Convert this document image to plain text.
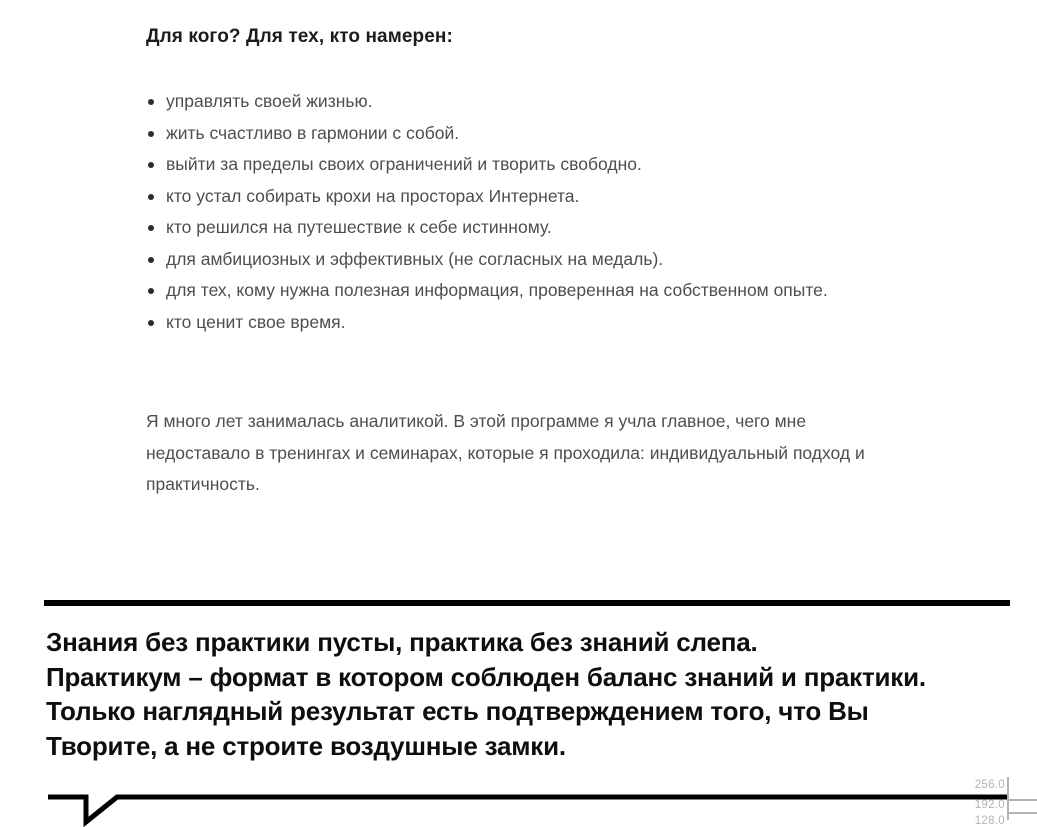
Для кого? Для тех, кто намерен:
управлять своей жизнью.
жить счастливо в гармонии с собой.
выйти за пределы своих ограничений и творить свободно.
кто устал собирать крохи на просторах Интернета.
кто решился на путешествие к себе истинному.
для амбициозных и эффективных (не согласных на медаль).
для тех, кому нужна полезная информация, проверенная на собственном опыте.
кто ценит свое время.

Я много лет занималась аналитикой. В этой программе я учла главное, чего мне недоставало в тренингах и семинарах, которые я проходила: индивидуальный подход и практичность.

Знания без практики пусты, практика без знаний слепа.
Практикум – формат в котором соблюден баланс знаний и практики.
Только наглядный результат есть подтверждением того, что Вы
Творите, а не строите воздушные замки.
256.0
192.0
128.0
